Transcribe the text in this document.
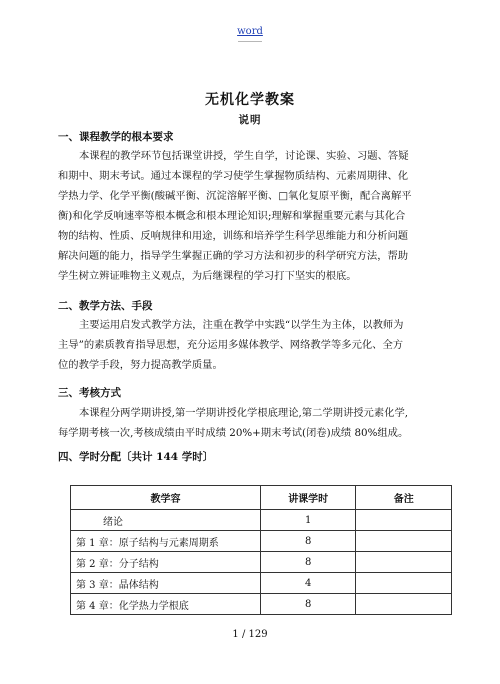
word
无机化学教案
说明
一、课程教学的根本要求
本课程的教学环节包括课堂讲授，学生自学，讨论课、实验、习题、答疑
和期中、期末考试。通过本课程的学习使学生掌握物质结构、元素周期律、化
学热力学、化学平衡(酸碱平衡、沉淀溶解平衡、□氧化复原平衡，配合离解平
衡)和化学反响速率等根本概念和根本理论知识;理解和掌握重要元素与其化合
物的结构、性质、反响规律和用途，训练和培养学生科学思维能力和分析问题
解决问题的能力，指导学生掌握正确的学习方法和初步的科学研究方法，帮助
学生树立辨证唯物主义观点，为后继课程的学习打下坚实的根底。
二、教学方法、手段
主要运用启发式教学方法，注重在教学中实践“以学生为主体，以教师为
主导”的素质教育指导思想，充分运用多媒体教学、网络教学等多元化、全方
位的教学手段，努力提高教学质量。
三、考核方式
本课程分两学期讲授,第一学期讲授化学根底理论,第二学期讲授元素化学,
每学期考核一次,考核成绩由平时成绩 20%+期末考试(闭卷)成绩 80%组成。
四、学时分配〔共计 144 学时〕
教学容	讲课学时	备注
绪论	1	
第 1 章：原子结构与元素周期系	8	
第 2 章：分子结构	8	
第 3 章：晶体结构	4	
第 4 章：化学热力学根底	8	
1 / 129
